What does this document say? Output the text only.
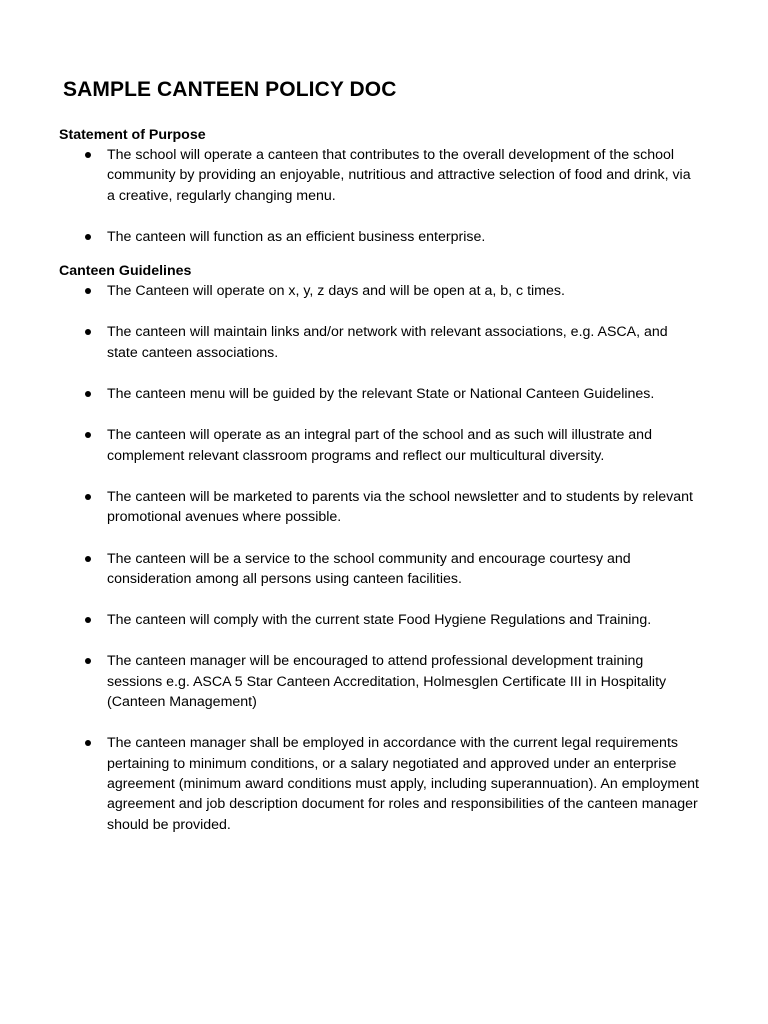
SAMPLE CANTEEN POLICY DOC
Statement of Purpose
The school will operate a canteen that contributes to the overall development of the school community by providing an enjoyable, nutritious and attractive selection of food and drink, via a creative, regularly changing menu.
The canteen will function as an efficient business enterprise.
Canteen Guidelines
The Canteen will operate on x, y, z days and will be open at a, b, c times.
The canteen will maintain links and/or network with relevant associations, e.g. ASCA, and state canteen associations.
The canteen menu will be guided by the relevant State or National Canteen Guidelines.
The canteen will operate as an integral part of the school and as such will illustrate and complement relevant classroom programs and reflect our multicultural diversity.
The canteen will be marketed to parents via the school newsletter and to students by relevant promotional avenues where possible.
The canteen will be a service to the school community and encourage courtesy and consideration among all persons using canteen facilities.
The canteen will comply with the current state Food Hygiene Regulations and Training.
The canteen manager will be encouraged to attend professional development training sessions e.g. ASCA 5 Star Canteen Accreditation, Holmesglen Certificate III in Hospitality (Canteen Management)
The canteen manager shall be employed in accordance with the current legal requirements pertaining to minimum conditions, or a salary negotiated and approved under an enterprise agreement (minimum award conditions must apply, including superannuation). An employment agreement and job description document for roles and responsibilities of the canteen manager should be provided.
